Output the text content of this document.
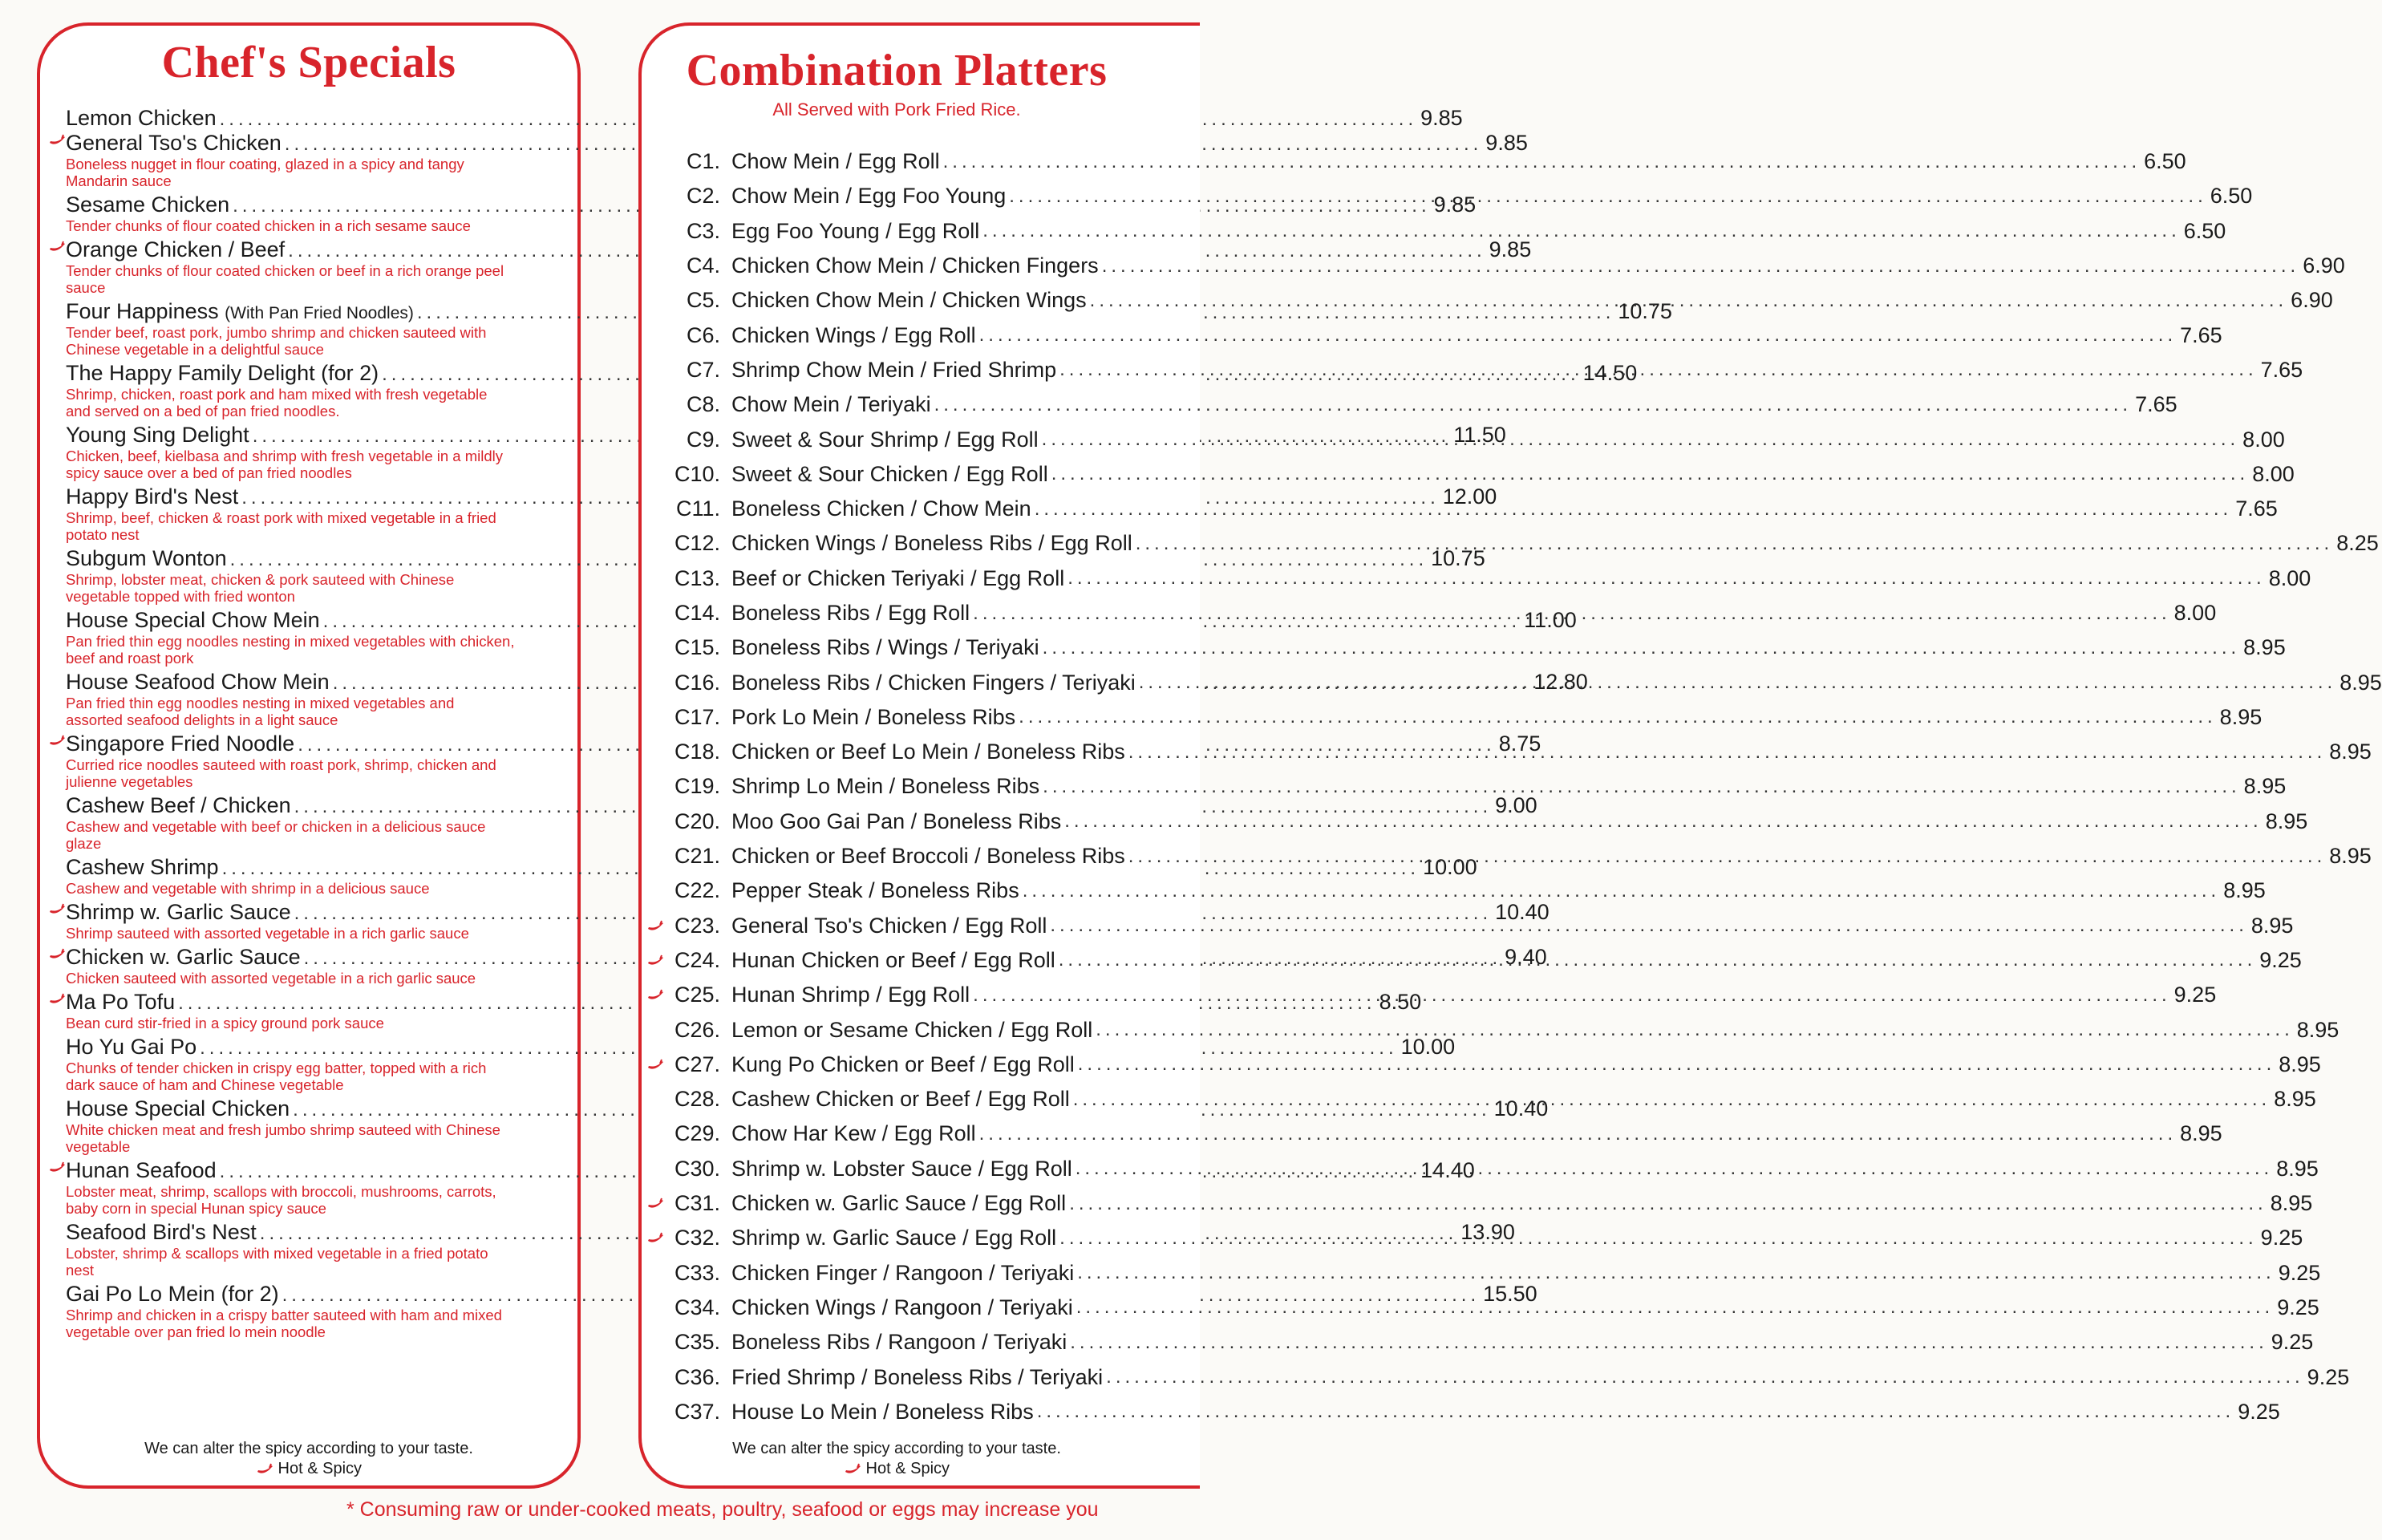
Chef's Specials
Lemon Chicken .....	9.85
General Tso's Chicken .....	9.85
Boneless nugget in flour coating, glazed in a spicy and tangy Mandarin sauce
Sesame Chicken .....	9.85
Tender chunks of flour coated chicken in a rich sesame sauce
Orange Chicken / Beef .....	9.85
Tender chunks of flour coated chicken or beef in a rich orange peel sauce
Four Happiness (With Pan Fried Noodles) .....	10.75
Tender beef, roast pork, jumbo shrimp and chicken sauteed with Chinese vegetable in a delightful sauce
The Happy Family Delight (for 2) .....	14.50
Shrimp, chicken, roast pork and ham mixed with fresh vegetable and served on a bed of pan fried noodles.
Young Sing Delight .....	11.50
Chicken, beef, kielbasa and shrimp with fresh vegetable in a mildly spicy sauce over a bed of pan fried noodles
Happy Bird's Nest .....	12.00
Shrimp, beef, chicken & roast pork with mixed vegetable in a fried potato nest
Subgum Wonton .....	10.75
Shrimp, lobster meat, chicken & pork sauteed with Chinese vegetable topped with fried wonton
House Special Chow Mein .....	11.00
Pan fried thin egg noodles nesting in mixed vegetables with chicken, beef and roast pork
House Seafood Chow Mein .....	12.80
Pan fried thin egg noodles nesting in mixed vegetables and assorted seafood delights in a light sauce
Singapore Fried Noodle .....	8.75
Curried rice noodles sauteed with roast pork, shrimp, chicken and julienne vegetables
Cashew Beef / Chicken .....	9.00
Cashew and vegetable with beef or chicken in a delicious sauce glaze
Cashew Shrimp .....	10.00
Cashew and vegetable with shrimp in a delicious sauce
Shrimp w. Garlic Sauce .....	10.40
Shrimp sauteed with assorted vegetable in a rich garlic sauce
Chicken w. Garlic Sauce .....	9.40
Chicken sauteed with assorted vegetable in a rich garlic sauce
Ma Po Tofu .....	8.50
Bean curd stir-fried in a spicy ground pork sauce
Ho Yu Gai Po .....	10.00
Chunks of tender chicken in crispy egg batter, topped with a rich dark sauce of ham and Chinese vegetable
House Special Chicken .....	10.40
White chicken meat and fresh jumbo shrimp sauteed with Chinese vegetable
Hunan Seafood .....	14.40
Lobster meat, shrimp, scallops with broccoli, mushrooms, carrots, baby corn in special Hunan spicy sauce
Seafood Bird's Nest .....	13.90
Lobster, shrimp & scallops with mixed vegetable in a fried potato nest
Gai Po Lo Mein (for 2) .....	15.50
Shrimp and chicken in a crispy batter sauteed with ham and mixed vegetable over pan fried lo mein noodle
We can alter the spicy according to your taste.
Hot & Spicy
Combination Platters
All Served with Pork Fried Rice.
C1. Chow Mein / Egg Roll .....	6.50
C2. Chow Mein / Egg Foo Young .....	6.50
C3. Egg Foo Young / Egg Roll .....	6.50
C4. Chicken Chow Mein / Chicken Fingers .....	6.90
C5. Chicken Chow Mein / Chicken Wings .....	6.90
C6. Chicken Wings / Egg Roll .....	7.65
C7. Shrimp Chow Mein / Fried Shrimp .....	7.65
C8. Chow Mein / Teriyaki .....	7.65
C9. Sweet & Sour Shrimp / Egg Roll .....	8.00
C10. Sweet & Sour Chicken / Egg Roll .....	8.00
C11. Boneless Chicken / Chow Mein .....	7.65
C12. Chicken Wings / Boneless Ribs / Egg Roll .....	8.25
C13. Beef or Chicken Teriyaki / Egg Roll .....	8.00
C14. Boneless Ribs / Egg Roll .....	8.00
C15. Boneless Ribs / Wings / Teriyaki .....	8.95
C16. Boneless Ribs / Chicken Fingers / Teriyaki .....	8.95
C17. Pork Lo Mein / Boneless Ribs .....	8.95
C18. Chicken or Beef Lo Mein / Boneless Ribs .....	8.95
C19. Shrimp Lo Mein / Boneless Ribs .....	8.95
C20. Moo Goo Gai Pan / Boneless Ribs .....	8.95
C21. Chicken or Beef Broccoli / Boneless Ribs .....	8.95
C22. Pepper Steak / Boneless Ribs .....	8.95
C23. General Tso's Chicken / Egg Roll .....	8.95
C24. Hunan Chicken or Beef / Egg Roll .....	9.25
C25. Hunan Shrimp / Egg Roll .....	9.25
C26. Lemon or Sesame Chicken / Egg Roll .....	8.95
C27. Kung Po Chicken or Beef / Egg Roll .....	8.95
C28. Cashew Chicken or Beef / Egg Roll .....	8.95
C29. Chow Har Kew / Egg Roll .....	8.95
C30. Shrimp w. Lobster Sauce / Egg Roll .....	8.95
C31. Chicken w. Garlic Sauce / Egg Roll .....	8.95
C32. Shrimp w. Garlic Sauce / Egg Roll .....	9.25
C33. Chicken Finger / Rangoon / Teriyaki .....	9.25
C34. Chicken Wings / Rangoon / Teriyaki .....	9.25
C35. Boneless Ribs / Rangoon / Teriyaki .....	9.25
C36. Fried Shrimp / Boneless Ribs / Teriyaki .....	9.25
C37. House Lo Mein / Boneless Ribs .....	9.25
We can alter the spicy according to your taste.
Hot & Spicy
* Consuming raw or under-cooked meats, poultry, seafood or eggs may increase you
